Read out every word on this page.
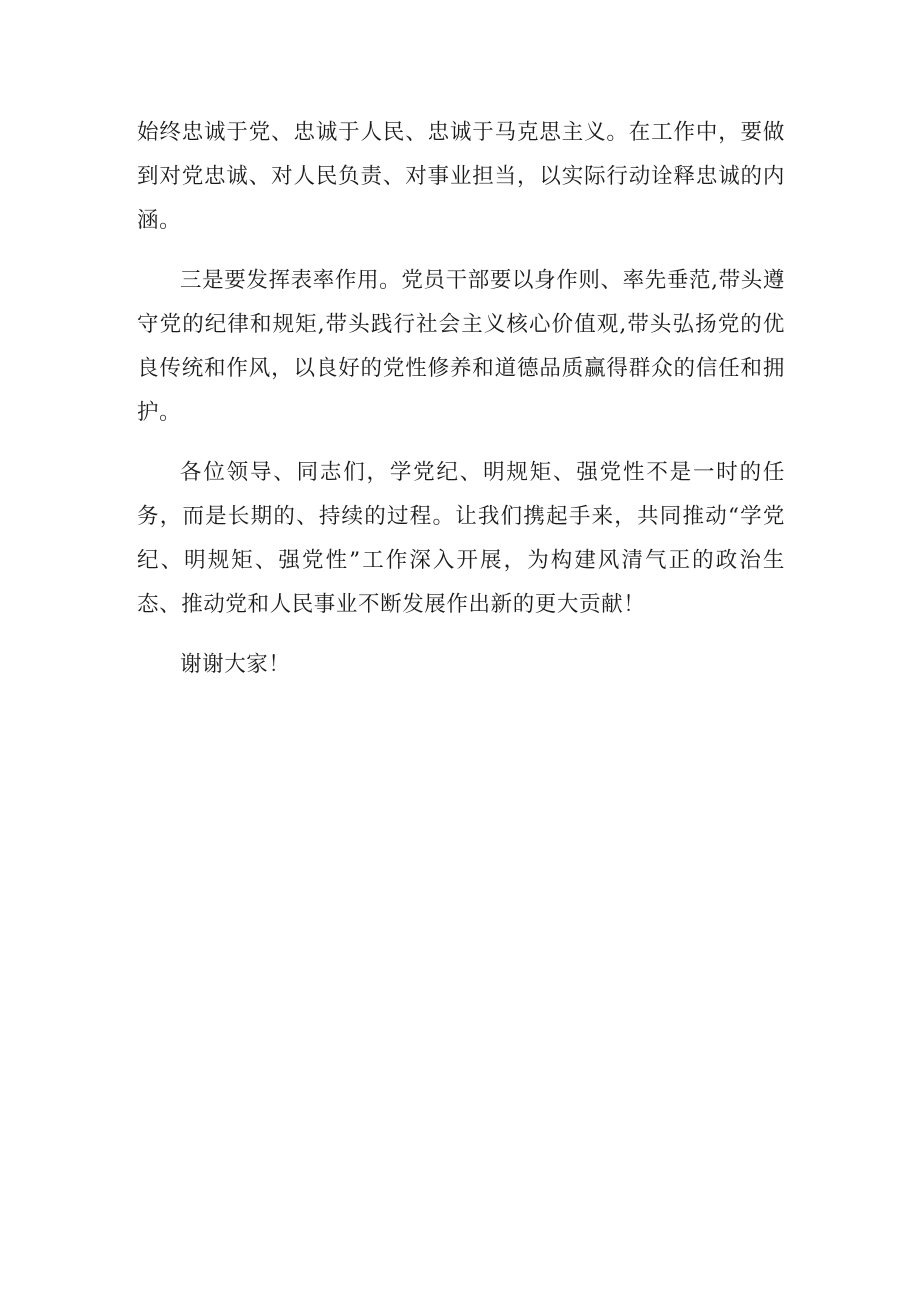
始终忠诚于党、忠诚于人民、忠诚于马克思主义。在工作中，要做到对党忠诚、对人民负责、对事业担当，以实际行动诠释忠诚的内涵。

三是要发挥表率作用。党员干部要以身作则、率先垂范,带头遵守党的纪律和规矩,带头践行社会主义核心价值观,带头弘扬党的优良传统和作风，以良好的党性修养和道德品质赢得群众的信任和拥护。

各位领导、同志们，学党纪、明规矩、强党性不是一时的任务，而是长期的、持续的过程。让我们携起手来，共同推动“学党纪、明规矩、强党性”工作深入开展，为构建风清气正的政治生态、推动党和人民事业不断发展作出新的更大贡献！

谢谢大家！
